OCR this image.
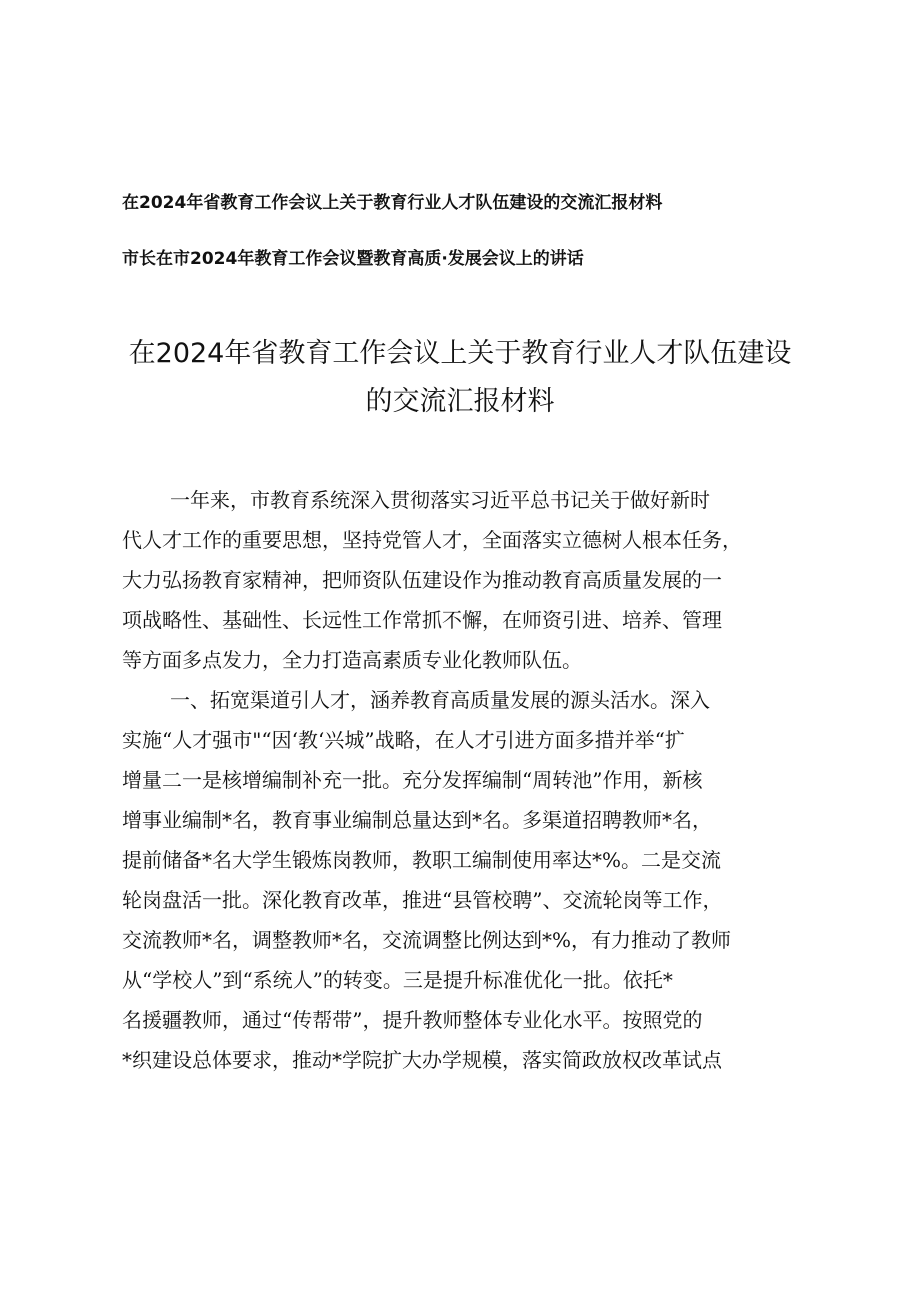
在2024年省教育工作会议上关于教育行业人才队伍建设的交流汇报材料
市长在市2024年教育工作会议暨教育高质·发展会议上的讲话
在2024年省教育工作会议上关于教育行业人才队伍建设
的交流汇报材料
一年来，市教育系统深入贯彻落实习近平总书记关于做好新时
代人才工作的重要思想，坚持党管人才，全面落实立德树人根本任务，
大力弘扬教育家精神，把师资队伍建设作为推动教育高质量发展的一
项战略性、基础性、长远性工作常抓不懈，在师资引进、培养、管理
等方面多点发力，全力打造高素质专业化教师队伍。
一、拓宽渠道引人才，涵养教育高质量发展的源头活水。深入
实施“人才强市"“因‘教‘兴城”战略，在人才引进方面多措并举“扩
增量二一是核增编制补充一批。充分发挥编制“周转池”作用，新核
增事业编制*名，教育事业编制总量达到*名。多渠道招聘教师*名，
提前储备*名大学生锻炼岗教师，教职工编制使用率达*%。二是交流
轮岗盘活一批。深化教育改革，推进“县管校聘”、交流轮岗等工作，
交流教师*名，调整教师*名，交流调整比例达到*%，有力推动了教师
从“学校人”到“系统人”的转变。三是提升标准优化一批。依托*
名援疆教师，通过“传帮带”，提升教师整体专业化水平。按照党的
*织建设总体要求，推动*学院扩大办学规模，落实简政放权改革试点
